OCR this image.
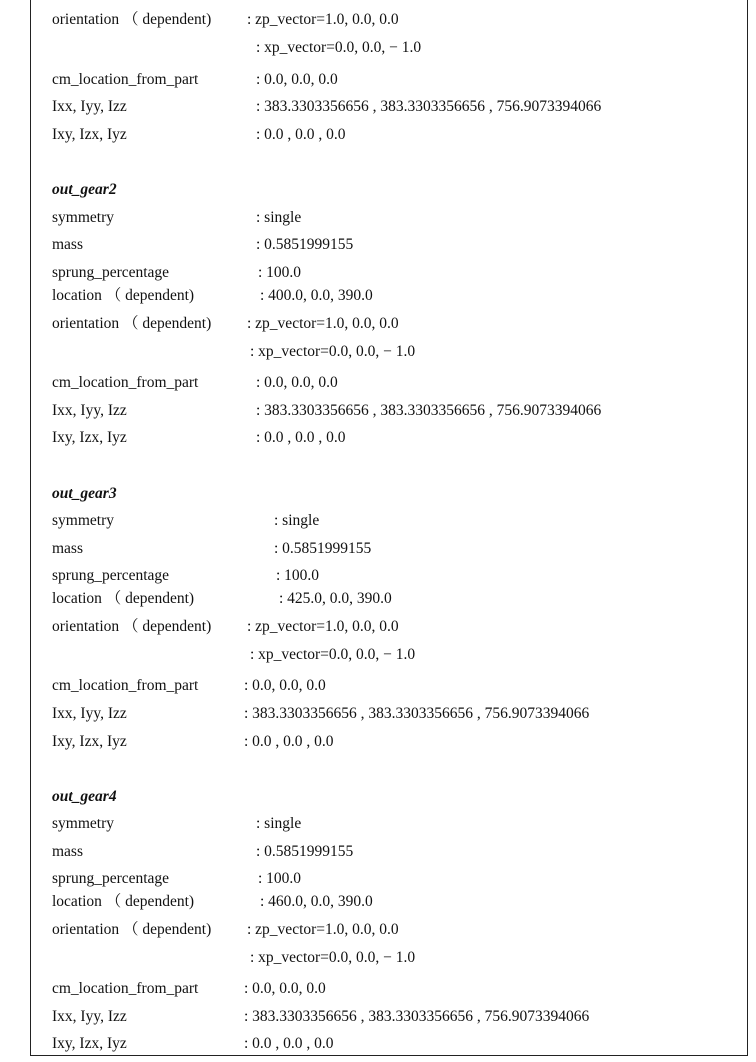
orientation （ dependent) : zp_vector=1.0, 0.0, 0.0
: xp_vector=0.0, 0.0, − 1.0
cm_location_from_part	: 0.0, 0.0, 0.0
Ixx, Iyy, Izz	: 383.3303356656 , 383.3303356656 , 756.9073394066
Ixy, Izx, Iyz	: 0.0 , 0.0 , 0.0
out_gear2
symmetry	: single
mass	: 0.5851999155
sprung_percentage	: 100.0
location （ dependent)	: 400.0, 0.0, 390.0
orientation （ dependent) : zp_vector=1.0, 0.0, 0.0
: xp_vector=0.0, 0.0, − 1.0
cm_location_from_part	: 0.0, 0.0, 0.0
Ixx, Iyy, Izz	: 383.3303356656 , 383.3303356656 , 756.9073394066
Ixy, Izx, Iyz	: 0.0 , 0.0 , 0.0
out_gear3
symmetry	: single
mass	: 0.5851999155
sprung_percentage	: 100.0
location （ dependent)	: 425.0, 0.0, 390.0
orientation （ dependent) : zp_vector=1.0, 0.0, 0.0
: xp_vector=0.0, 0.0, − 1.0
cm_location_from_part	: 0.0, 0.0, 0.0
Ixx, Iyy, Izz	: 383.3303356656 , 383.3303356656 , 756.9073394066
Ixy, Izx, Iyz	: 0.0 , 0.0 , 0.0
out_gear4
symmetry	: single
mass	: 0.5851999155
sprung_percentage	: 100.0
location （ dependent)	: 460.0, 0.0, 390.0
orientation （ dependent) : zp_vector=1.0, 0.0, 0.0
: xp_vector=0.0, 0.0, − 1.0
cm_location_from_part	: 0.0, 0.0, 0.0
Ixx, Iyy, Izz	: 383.3303356656 , 383.3303356656 , 756.9073394066
Ixy, Izx, Iyz	: 0.0 , 0.0 , 0.0
